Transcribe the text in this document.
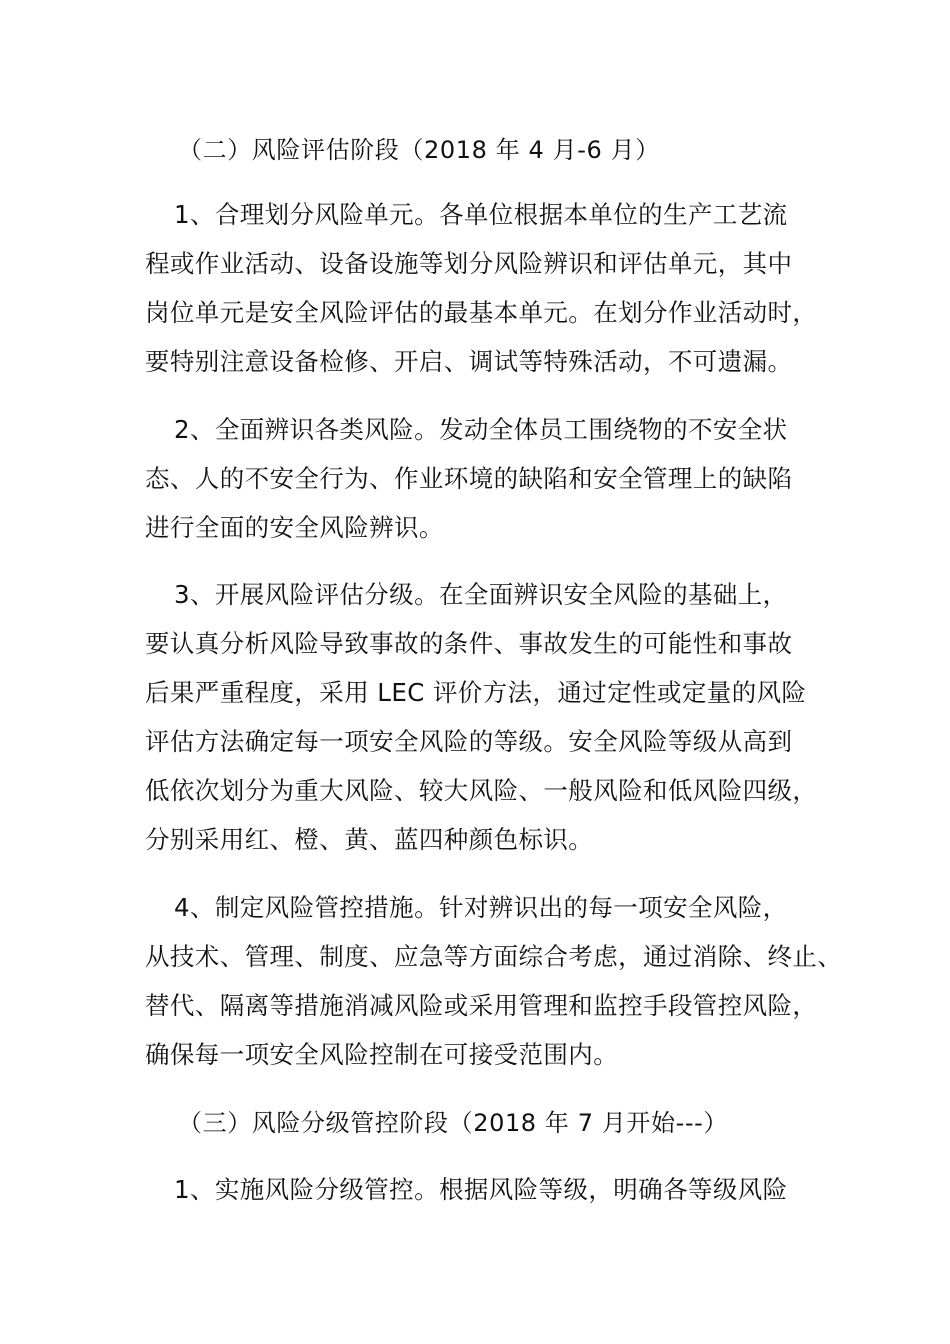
（二）风险评估阶段（2018 年 4 月-6 月）
1、合理划分风险单元。各单位根据本单位的生产工艺流
程或作业活动、设备设施等划分风险辨识和评估单元，其中
岗位单元是安全风险评估的最基本单元。在划分作业活动时，
要特别注意设备检修、开启、调试等特殊活动，不可遗漏。
2、全面辨识各类风险。发动全体员工围绕物的不安全状
态、人的不安全行为、作业环境的缺陷和安全管理上的缺陷
进行全面的安全风险辨识。
3、开展风险评估分级。在全面辨识安全风险的基础上，
要认真分析风险导致事故的条件、事故发生的可能性和事故
后果严重程度，采用 LEC 评价方法，通过定性或定量的风险
评估方法确定每一项安全风险的等级。安全风险等级从高到
低依次划分为重大风险、较大风险、一般风险和低风险四级，
分别采用红、橙、黄、蓝四种颜色标识。
4、制定风险管控措施。针对辨识出的每一项安全风险，
从技术、管理、制度、应急等方面综合考虑，通过消除、终止、
替代、隔离等措施消减风险或采用管理和监控手段管控风险，
确保每一项安全风险控制在可接受范围内。
（三）风险分级管控阶段（2018 年 7 月开始---）
1、实施风险分级管控。根据风险等级，明确各等级风险
